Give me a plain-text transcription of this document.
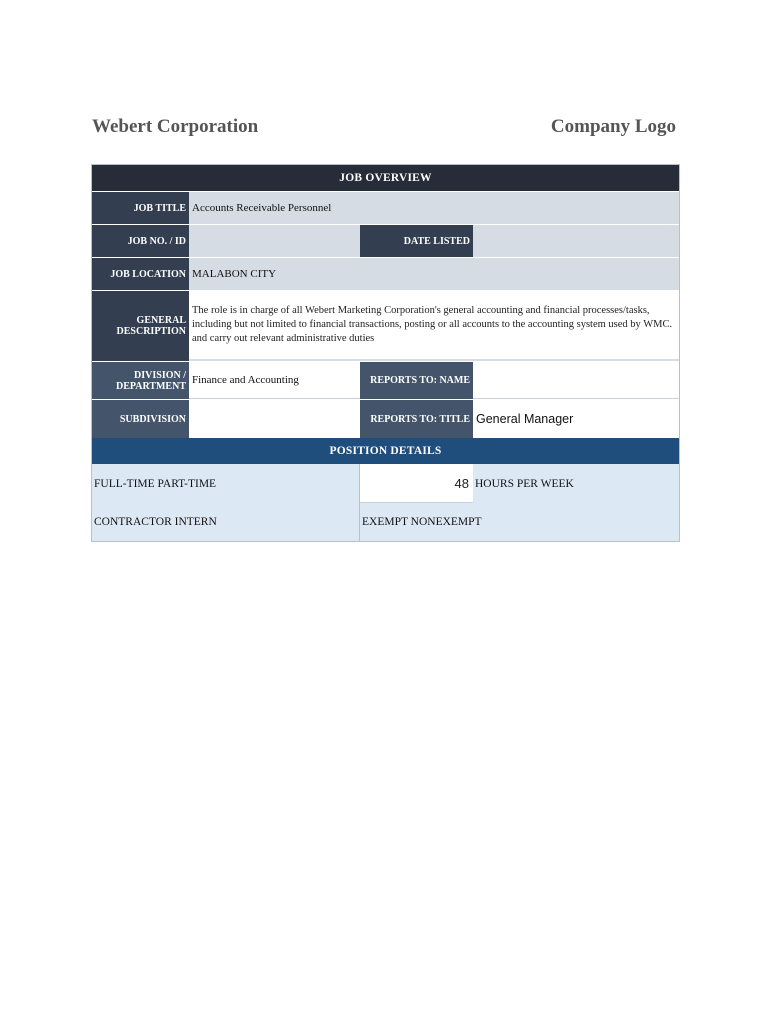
Webert Corporation	Company Logo
JOB OVERVIEW
JOB TITLE Accounts Receivable Personnel
JOB NO. / ID	DATE LISTED
JOB LOCATION MALABON CITY
GENERAL DESCRIPTION
The role is in charge of all Webert Marketing Corporation's general accounting and financial processes/tasks, including but not limited to financial transactions, posting or all accounts to the accounting system used by WMC. and carry out relevant administrative duties
DIVISION / DEPARTMENT Finance and Accounting	REPORTS TO: NAME
SUBDIVISION	REPORTS TO: TITLE General Manager
POSITION DETAILS
FULL-TIME PART-TIME	48 HOURS PER WEEK
CONTRACTOR INTERN	EXEMPT NONEXEMPT
